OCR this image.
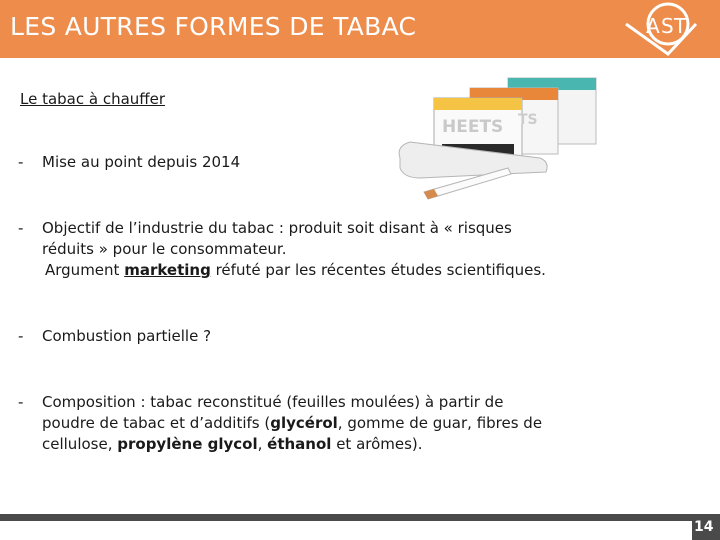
LES AUTRES FORMES DE TABAC	A S T
Le tabac à chauffer
HEETS TS
- Mise au point depuis 2014
- Objectif de l’industrie du tabac : produit soit disant à « risques
réduits » pour le consommateur.

Argument marketing réfuté par les récentes études scientifiques.
- Combustion partielle ?
- Composition : tabac reconstitué (feuilles moulées) à partir de
poudre de tabac et d’additifs (glycérol, gomme de guar, fibres de
cellulose, propylène glycol, éthanol et arômes).
14
